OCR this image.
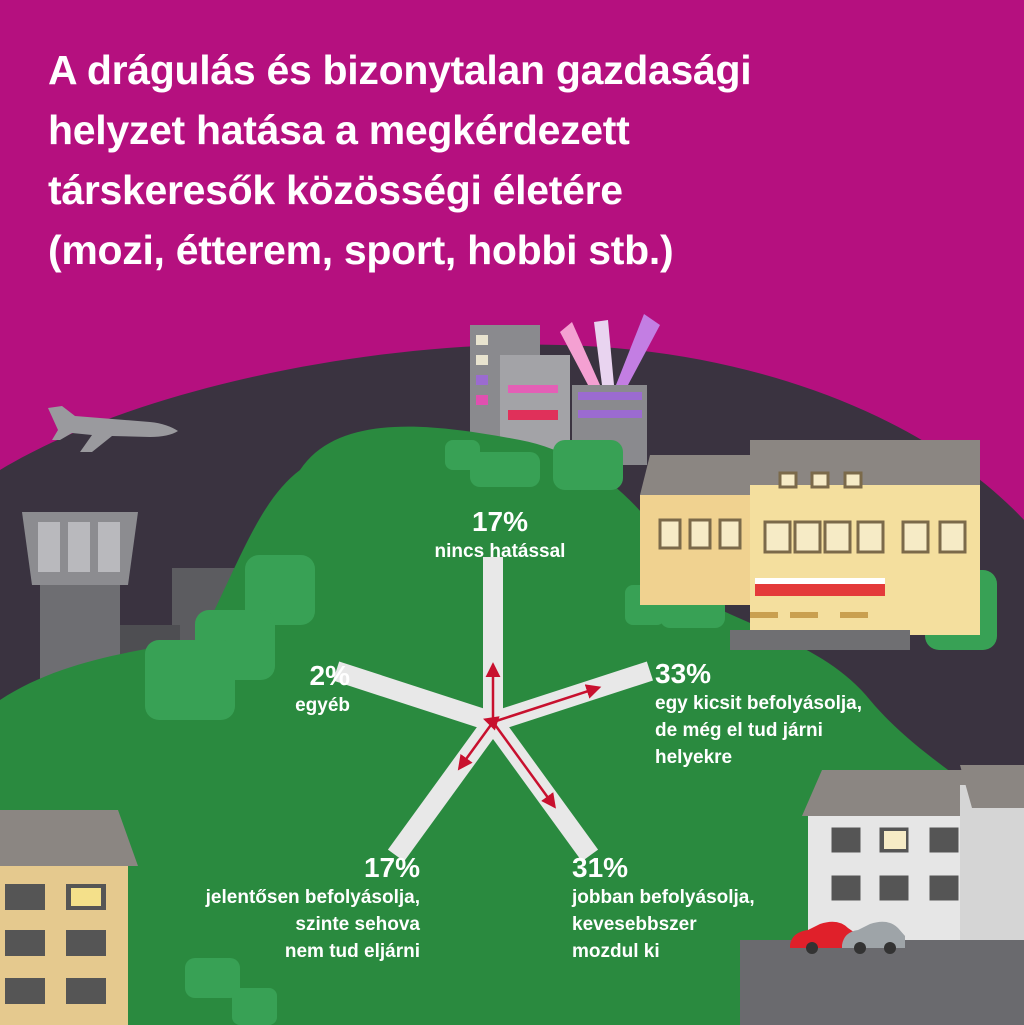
A drágulás és bizonytalan gazdasági
helyzet hatása a megkérdezett
társkeresők közösségi életére
(mozi, étterem, sport, hobbi stb.)
17%
nincs hatással
33%
egy kicsit befolyásolja,
de még el tud járni
helyekre
31%
jobban befolyásolja,
kevesebbszer
mozdul ki
17%
jelentősen befolyásolja,
szinte sehova
nem tud eljárni
2%
egyéb
